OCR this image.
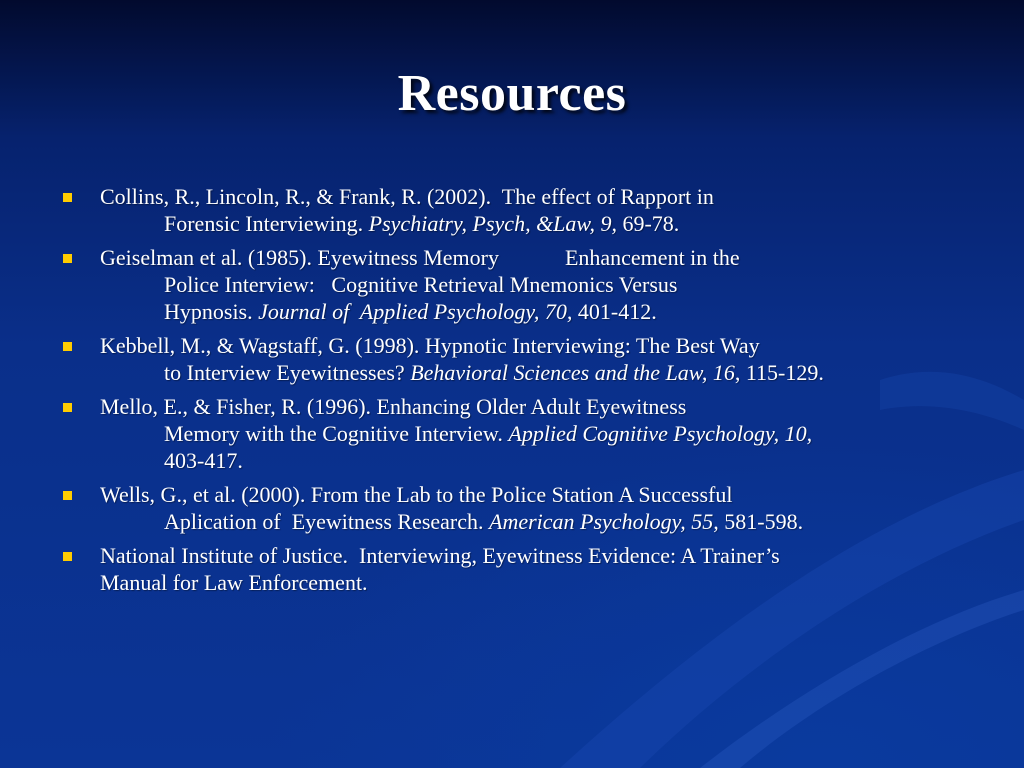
Resources
Collins, R., Lincoln, R., & Frank, R. (2002).  The effect of Rapport in
Forensic Interviewing. Psychiatry, Psych, &Law, 9, 69-78.
Geiselman et al. (1985). Eyewitness Memory            Enhancement in the
Police Interview:   Cognitive Retrieval Mnemonics Versus
Hypnosis. Journal of  Applied Psychology, 70, 401-412.
Kebbell, M., & Wagstaff, G. (1998). Hypnotic Interviewing: The Best Way
to Interview Eyewitnesses? Behavioral Sciences and the Law, 16, 115-129.
Mello, E., & Fisher, R. (1996). Enhancing Older Adult Eyewitness
Memory with the Cognitive Interview. Applied Cognitive Psychology, 10,
403-417.
Wells, G., et al. (2000). From the Lab to the Police Station A Successful
Aplication of  Eyewitness Research. American Psychology, 55, 581-598.
National Institute of Justice.  Interviewing, Eyewitness Evidence: A Trainer’s
Manual for Law Enforcement.
